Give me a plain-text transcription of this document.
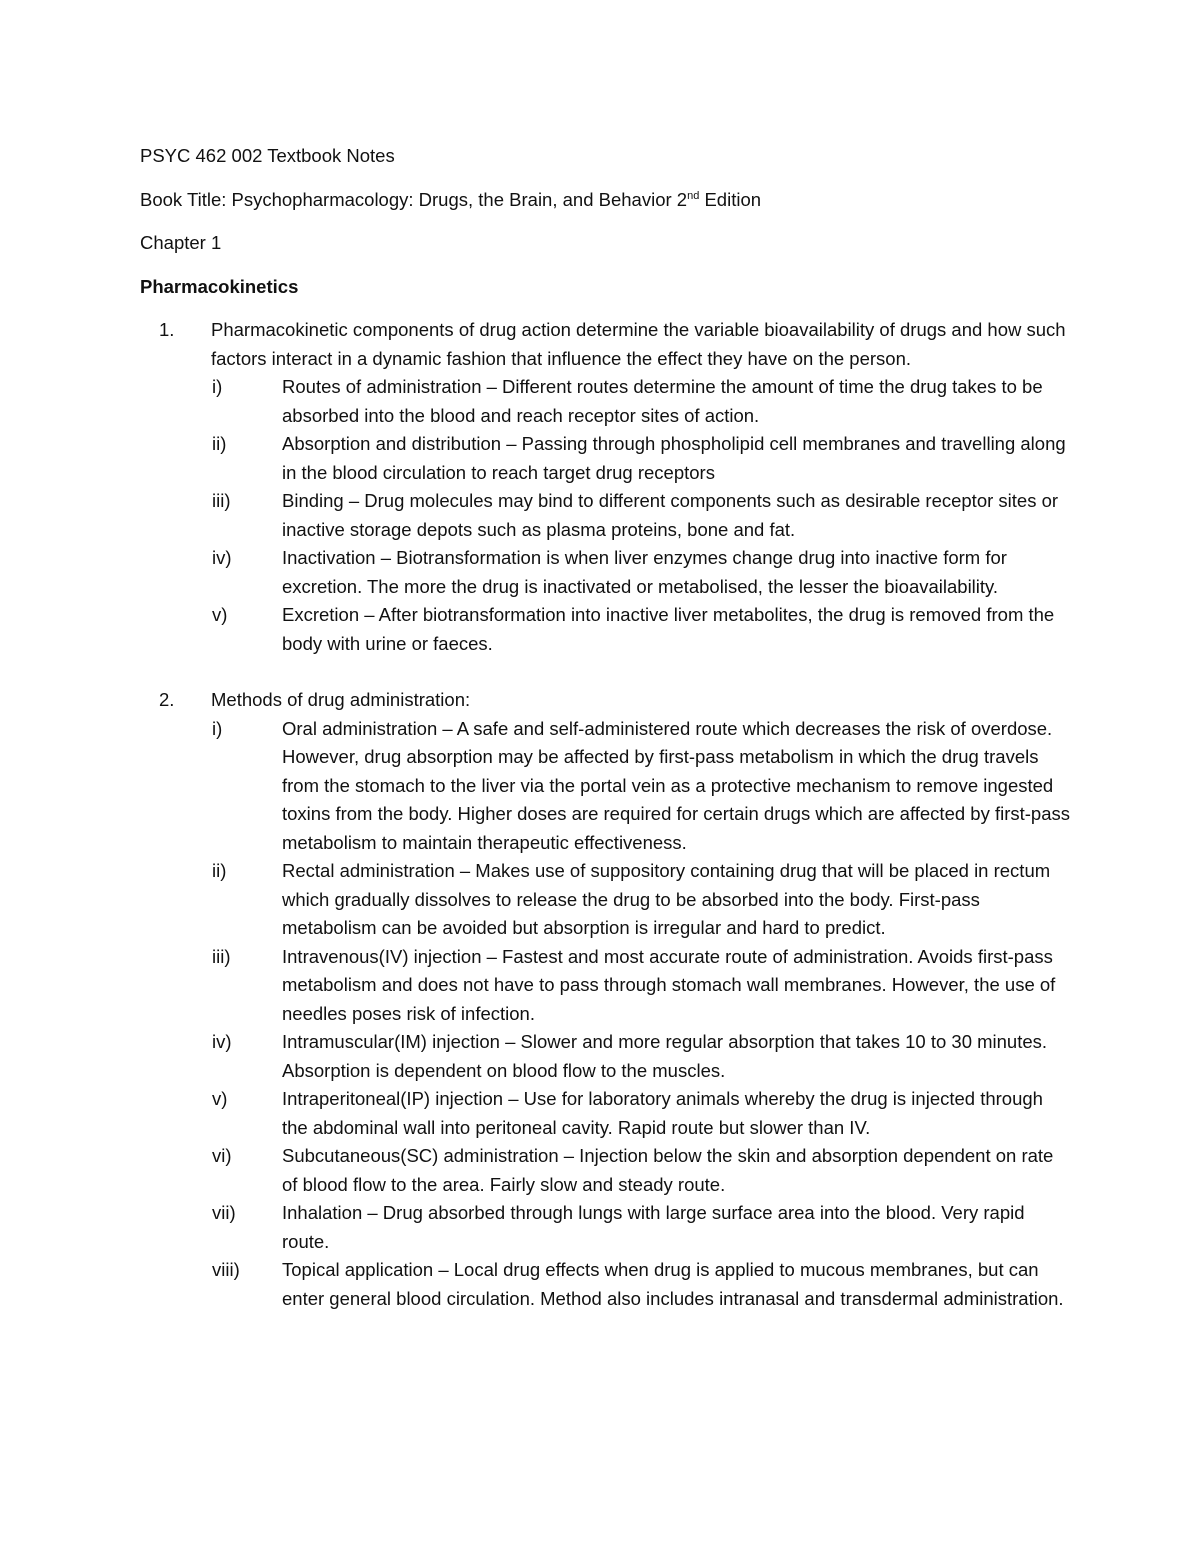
PSYC 462 002 Textbook Notes

Book Title: Psychopharmacology: Drugs, the Brain, and Behavior 2nd Edition

Chapter 1

Pharmacokinetics

1. Pharmacokinetic components of drug action determine the variable bioavailability of drugs and how such factors interact in a dynamic fashion that influence the effect they have on the person.
i)	Routes of administration – Different routes determine the amount of time the drug takes to be absorbed into the blood and reach receptor sites of action.
ii)	Absorption and distribution – Passing through phospholipid cell membranes and travelling along in the blood circulation to reach target drug receptors
iii)	Binding – Drug molecules may bind to different components such as desirable receptor sites or inactive storage depots such as plasma proteins, bone and fat.
iv)	Inactivation – Biotransformation is when liver enzymes change drug into inactive form for excretion. The more the drug is inactivated or metabolised, the lesser the bioavailability.
v)	Excretion – After biotransformation into inactive liver metabolites, the drug is removed from the body with urine or faeces.
2. Methods of drug administration:
i)	Oral administration – A safe and self-administered route which decreases the risk of overdose. However, drug absorption may be affected by first-pass metabolism in which the drug travels from the stomach to the liver via the portal vein as a protective mechanism to remove ingested toxins from the body. Higher doses are required for certain drugs which are affected by first-pass metabolism to maintain therapeutic effectiveness.
ii)	Rectal administration – Makes use of suppository containing drug that will be placed in rectum which gradually dissolves to release the drug to be absorbed into the body. First-pass metabolism can be avoided but absorption is irregular and hard to predict.
iii)	Intravenous(IV) injection – Fastest and most accurate route of administration. Avoids first-pass metabolism and does not have to pass through stomach wall membranes. However, the use of needles poses risk of infection.
iv)	Intramuscular(IM) injection – Slower and more regular absorption that takes 10 to 30 minutes. Absorption is dependent on blood flow to the muscles.
v)	Intraperitoneal(IP) injection – Use for laboratory animals whereby the drug is injected through the abdominal wall into peritoneal cavity. Rapid route but slower than IV.
vi)	Subcutaneous(SC) administration – Injection below the skin and absorption dependent on rate of blood flow to the area. Fairly slow and steady route.
vii)	Inhalation – Drug absorbed through lungs with large surface area into the blood. Very rapid route.
viii) Topical application – Local drug effects when drug is applied to mucous membranes, but can enter general blood circulation. Method also includes intranasal and transdermal administration.
